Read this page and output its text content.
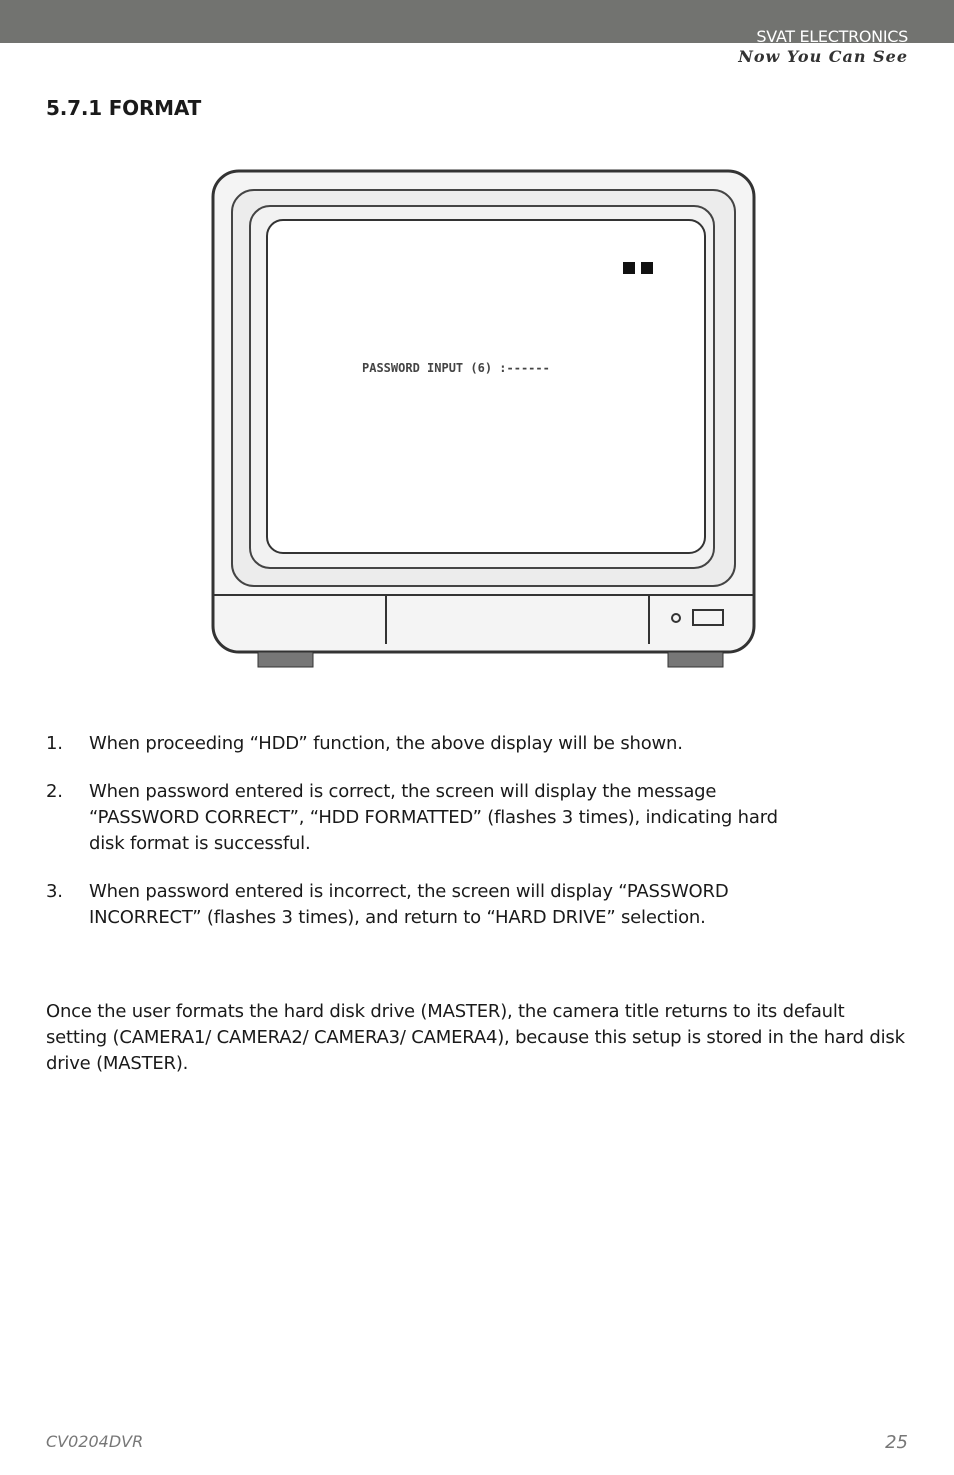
SVAT ELECTRONICS
Now You Can See
5.7.1 FORMAT
PASSWORD INPUT (6) :------
1. When proceeding “HDD” function, the above display will be shown.
2. When password entered is correct, the screen will display the message “PASSWORD CORRECT”, “HDD FORMATTED” (flashes 3 times), indicating hard disk format is successful.
3. When password entered is incorrect, the screen will display “PASSWORD INCORRECT” (flashes 3 times), and return to “HARD DRIVE” selection.

Once the user formats the hard disk drive (MASTER), the camera title returns to its default setting (CAMERA1/ CAMERA2/ CAMERA3/ CAMERA4), because this setup is stored in the hard disk drive (MASTER).

CV0204DVR	25
